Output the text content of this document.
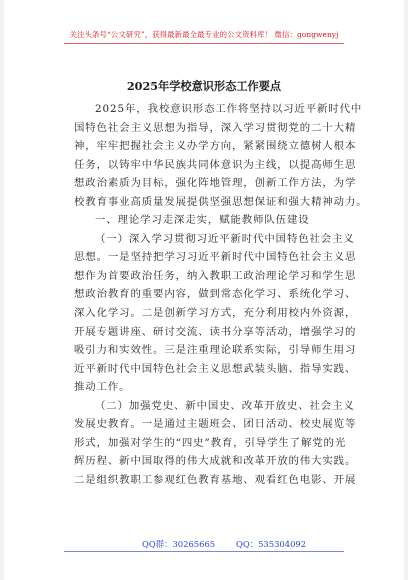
关注头条号“公文研究”，获得最新最全最专业的公文资料库！ 微信：gongwenyj
2025年学校意识形态工作要点
2025年，我校意识形态工作将坚持以习近平新时代中
国特色社会主义思想为指导，深入学习贯彻党的二十大精
神，牢牢把握社会主义办学方向，紧紧围绕立德树人根本
任务，以铸牢中华民族共同体意识为主线，以提高师生思
想政治素质为目标，强化阵地管理，创新工作方法，为学
校教育事业高质量发展提供坚强思想保证和强大精神动力。
一、理论学习走深走实，赋能教师队伍建设
（一）深入学习贯彻习近平新时代中国特色社会主义
思想。一是坚持把学习习近平新时代中国特色社会主义思
想作为首要政治任务，纳入教职工政治理论学习和学生思
想政治教育的重要内容，做到常态化学习、系统化学习、
深入化学习。二是创新学习方式，充分利用校内外资源，
开展专题讲座、研讨交流、读书分享等活动，增强学习的
吸引力和实效性。三是注重理论联系实际，引导师生用习
近平新时代中国特色社会主义思想武装头脑、指导实践、
推动工作。
（二）加强党史、新中国史、改革开放史、社会主义
发展史教育。一是通过主题班会、团日活动、校史展览等
形式，加强对学生的“四史”教育，引导学生了解党的光
辉历程、新中国取得的伟大成就和改革开放的伟大实践。
二是组织教职工参观红色教育基地、观看红色电影、开展
QQ群：30265665 QQ：535304092
